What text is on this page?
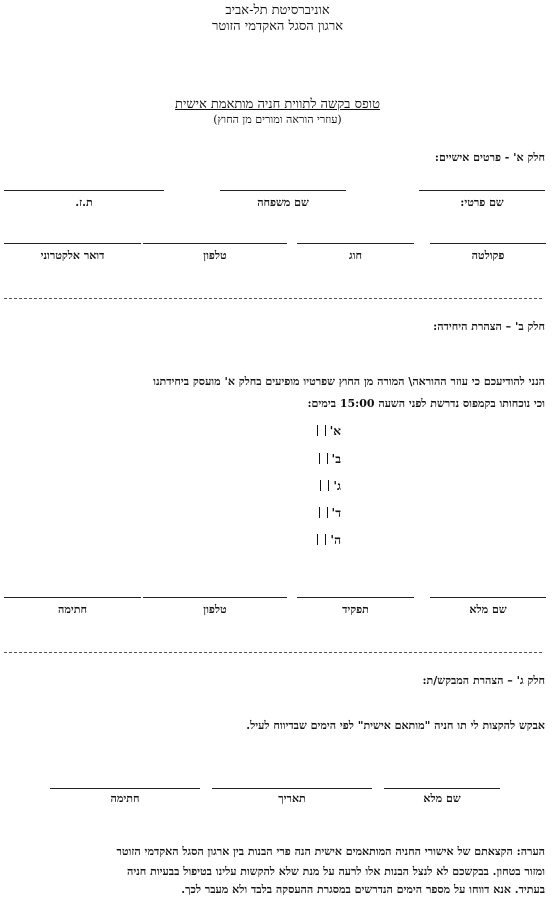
אוניברסיטת תל-אביב
ארגון הסגל האקדמי הזוטר
טופס בקשה לתווית חניה מותאמת אישית
(עוזרי הוראה ומורים מן החוץ)
חלק א' - פרטים אישיים:
שם פרטי:
שם משפחה
ת.ז.
פקולטה
חוג
טלפון
דואר אלקטרוני
חלק ב' – הצהרת היחידה:
הנני להודיעכם כי עוזר ההוראה\ המורה מן החוץ שפרטיו מופיעים בחלק א' מועסק ביחידתנו
וכי נוכחותו בקמפוס נדרשת לפני השעה 15:00 בימים:
א'
ב'
ג'
ד'
ה'
שם מלא
תפקיד
טלפון
חתימה
חלק ג' – הצהרת המבקש/ת:
אבקש להקצות לי תו חניה "מותאם אישית" לפי הימים שבדיווח לעיל.
שם מלא
תאריך
חתימה
הערה: הקצאתם של אישורי החניה המותאמים אישית הנה פרי הבנות בין ארגון הסגל האקדמי הזוטר
ומזור בטחון. בבקשכם לא לנצל הבנות אלו לרעה על מנת שלא להקשות עלינו בטיפול בבעיות חניה
בעתיד. אנא דווחו על מספר הימים הנדרשים במסגרת ההעסקה בלבד ולא מעבר לכך.
